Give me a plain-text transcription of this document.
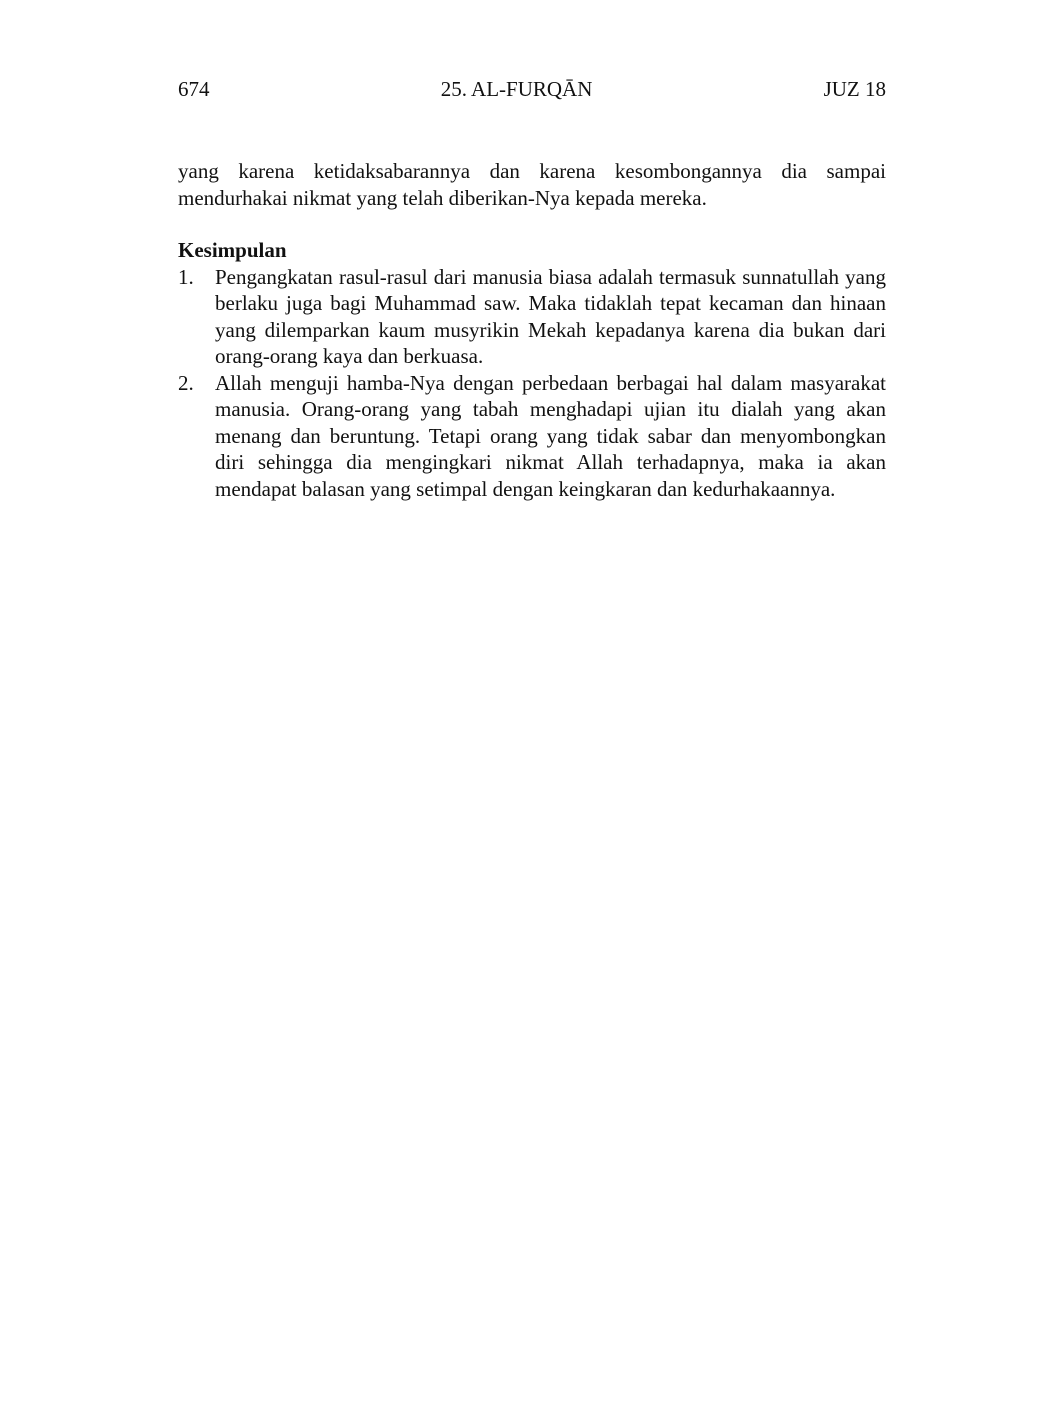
674	25. AL-FURQĀN	JUZ 18

yang karena ketidaksabarannya dan karena kesombongannya dia sampai mendurhakai nikmat yang telah diberikan-Nya kepada mereka.

Kesimpulan
1.	Pengangkatan rasul-rasul dari manusia biasa adalah termasuk sunnatullah yang berlaku juga bagi Muhammad saw. Maka tidaklah tepat kecaman dan hinaan yang dilemparkan kaum musyrikin Mekah kepadanya karena dia bukan dari orang-orang kaya dan berkuasa.
2.	Allah menguji hamba-Nya dengan perbedaan berbagai hal dalam masyarakat manusia. Orang-orang yang tabah menghadapi ujian itu dialah yang akan menang dan beruntung. Tetapi orang yang tidak sabar dan menyombongkan diri sehingga dia mengingkari nikmat Allah terhadapnya, maka ia akan mendapat balasan yang setimpal dengan keingkaran dan kedurhakaannya.
